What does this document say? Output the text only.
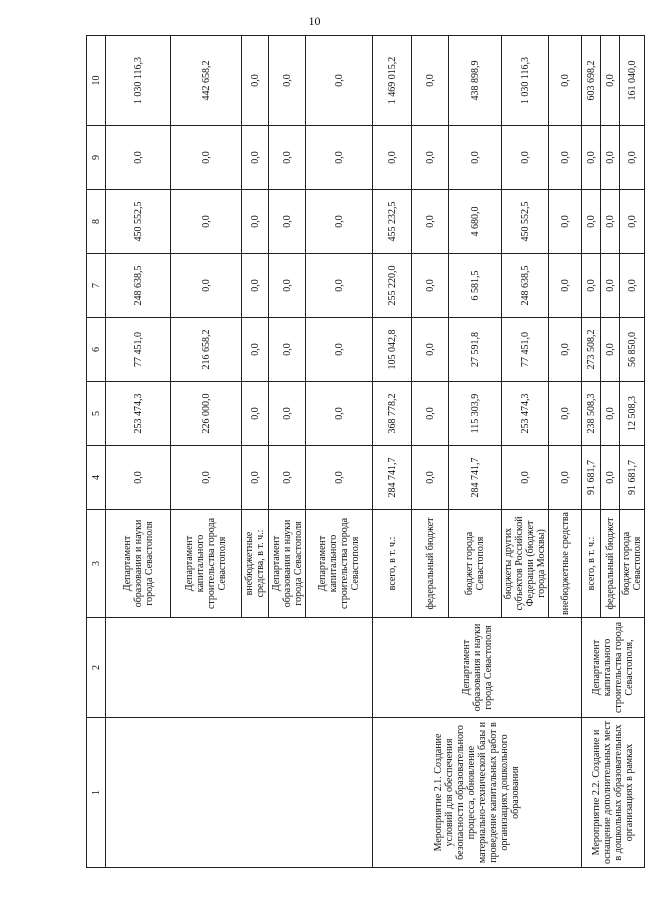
10
1	2	3	4	5	6	7	8	9	10
		Департамент образования и науки города Севастополя	0,0	253 474,3	77 451,0	248 638,5	450 552,5	0,0	1 030 116,3
		Департамент капитального строительства города Севастополя	0,0	226 000,0	216 658,2	0,0	0,0	0,0	442 658,2
		внебюджетные средства, в т. ч.:	0,0	0,0	0,0	0,0	0,0	0,0	0,0
		Департамент образования и науки города Севастополя	0,0	0,0	0,0	0,0	0,0	0,0	0,0
		Департамент капитального строительства города Севастополя	0,0	0,0	0,0	0,0	0,0	0,0	0,0
Мероприятие 2.1. Создание условий для обеспечения безопасности образовательного процесса, обновление материально-технической базы и проведение капитальных работ в организациях дошкольного образования	Департамент образования и науки города Севастополя	всего, в т. ч.:	284 741,7	368 778,2	105 042,8	255 220,0	455 232,5	0,0	1 469 015,2
		федеральный бюджет	0,0	0,0	0,0	0,0	0,0	0,0	0,0
		бюджет города Севастополя	284 741,7	115 303,9	27 591,8	6 581,5	4 680,0	0,0	438 898,9
		бюджеты других субъектов Российской Федерации (бюджет города Москвы)	0,0	253 474,3	77 451,0	248 638,5	450 552,5	0,0	1 030 116,3
		внебюджетные средства	0,0	0,0	0,0	0,0	0,0	0,0	0,0
Мероприятие 2.2. Создание и оснащение дополнительных мест в дошкольных образовательных организациях в рамках	Департамент капитального строительства города Севастополя,	всего, в т. ч.:	91 681,7	238 508,3	273 508,2	0,0	0,0	0,0	603 698,2
		федеральный бюджет	0,0	0,0	0,0	0,0	0,0	0,0	0,0
		бюджет города Севастополя	91 681,7	12 508,3	56 850,0	0,0	0,0	0,0	161 040,0
